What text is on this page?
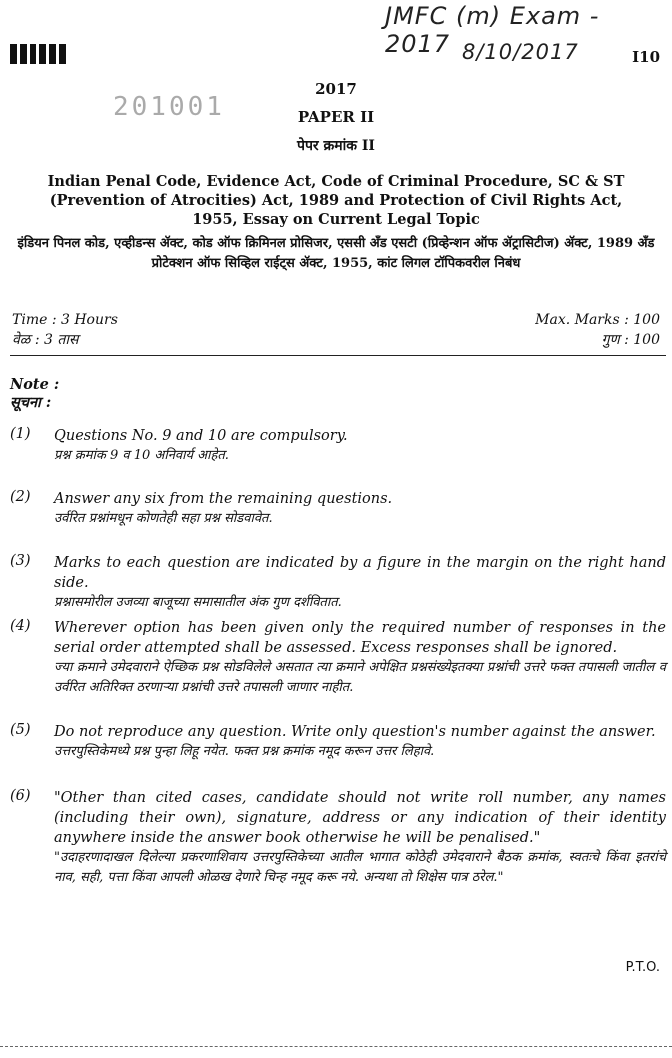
JMFC (m) Exam - 2017 8/10/2017	I10
201001
2017
PAPER II
पेपर क्रमांक II
Indian Penal Code, Evidence Act, Code of Criminal Procedure, SC & ST (Prevention of Atrocities) Act, 1989 and Protection of Civil Rights Act, 1955, Essay on Current Legal Topic
इंडियन पिनल कोड, एव्हीडन्स ॲक्ट, कोड ऑफ क्रिमिनल प्रोसिजर, एससी ॲंड एसटी (प्रिव्हेन्शन ऑफ ॲट्रासिटीज) ॲक्ट, 1989 ॲंड प्रोटेक्शन ऑफ सिव्हिल राईट्स ॲक्ट, 1955, कांट लिगल टॉपिकवरील निबंध
Time : 3 Hours
वेळ : 3 तास
Max. Marks : 100
गुण : 100
Note :
सूचना :
(1) Questions No. 9 and 10 are compulsory.
प्रश्न क्रमांक 9 व 10 अनिवार्य आहेत.
(2) Answer any six from the remaining questions.
उर्वरित प्रश्नांमधून कोणतेही सहा प्रश्न सोडवावेत.
(3) Marks to each question are indicated by a figure in the margin on the right hand side.
प्रश्नासमोरील उजव्या बाजूच्या समासातील अंक गुण दर्शवितात.
(4) Wherever option has been given only the required number of responses in the serial order attempted shall be assessed. Excess responses shall be ignored.
ज्या क्रमाने उमेदवाराने ऐच्छिक प्रश्न सोडविलेले असतात त्या क्रमाने अपेक्षित प्रश्नसंख्येइतक्या प्रश्नांची उत्तरे फक्त तपासली जातील व उर्वरित अतिरिक्त ठरणाऱ्या प्रश्नांची उत्तरे तपासली जाणार नाहीत.
(5) Do not reproduce any question. Write only question's number against the answer.
उत्तरपुस्तिकेमध्ये प्रश्न पुन्हा लिहू नयेत. फक्त प्रश्न क्रमांक नमूद करून उत्तर लिहावे.
(6) "Other than cited cases, candidate should not write roll number, any names (including their own), signature, address or any indication of their identity anywhere inside the answer book otherwise he will be penalised."
"उदाहरणादाखल दिलेल्या प्रकरणाशिवाय उत्तरपुस्तिकेच्या आतील भागात कोठेही उमेदवाराने बैठक क्रमांक, स्वतःचे किंवा इतरांचे नाव, सही, पत्ता किंवा आपली ओळख देणारे चिन्ह नमूद करू नये. अन्यथा तो शिक्षेस पात्र ठरेल."
P.T.O.
